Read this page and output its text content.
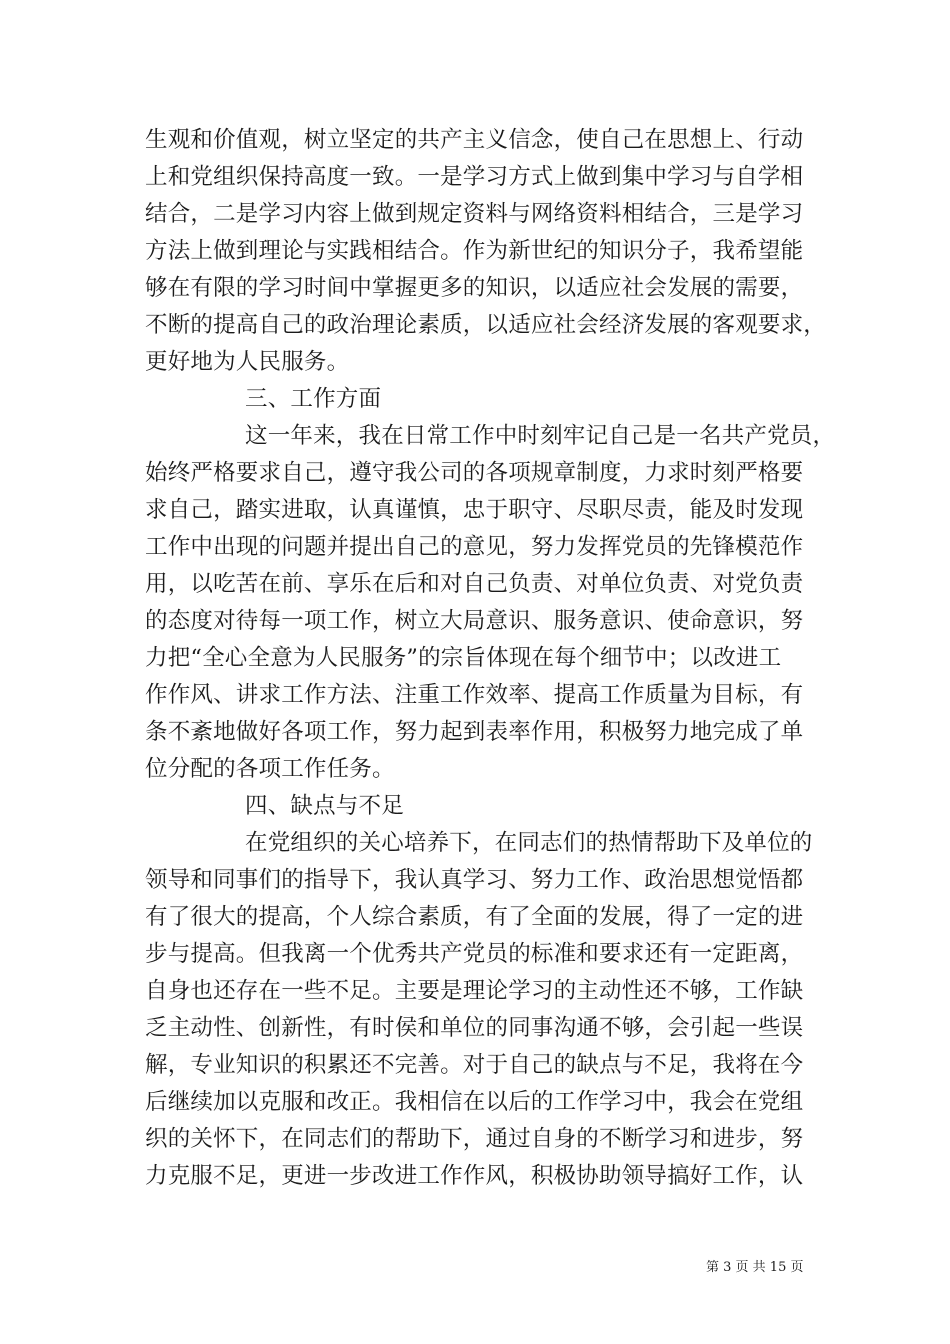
生观和价值观，树立坚定的共产主义信念，使自己在思想上、行动
上和党组织保持高度一致。一是学习方式上做到集中学习与自学相
结合，二是学习内容上做到规定资料与网络资料相结合，三是学习
方法上做到理论与实践相结合。作为新世纪的知识分子，我希望能
够在有限的学习时间中掌握更多的知识，以适应社会发展的需要，
不断的提高自己的政治理论素质，以适应社会经济发展的客观要求，
更好地为人民服务。
三、工作方面
这一年来，我在日常工作中时刻牢记自己是一名共产党员，
始终严格要求自己，遵守我公司的各项规章制度，力求时刻严格要
求自己，踏实进取，认真谨慎，忠于职守、尽职尽责，能及时发现
工作中出现的问题并提出自己的意见，努力发挥党员的先锋模范作
用，以吃苦在前、享乐在后和对自己负责、对单位负责、对党负责
的态度对待每一项工作，树立大局意识、服务意识、使命意识，努
力把“全心全意为人民服务”的宗旨体现在每个细节中；以改进工
作作风、讲求工作方法、注重工作效率、提高工作质量为目标，有
条不紊地做好各项工作，努力起到表率作用，积极努力地完成了单
位分配的各项工作任务。
四、缺点与不足
在党组织的关心培养下，在同志们的热情帮助下及单位的
领导和同事们的指导下，我认真学习、努力工作、政治思想觉悟都
有了很大的提高，个人综合素质，有了全面的发展，得了一定的进
步与提高。但我离一个优秀共产党员的标准和要求还有一定距离，
自身也还存在一些不足。主要是理论学习的主动性还不够，工作缺
乏主动性、创新性，有时侯和单位的同事沟通不够，会引起一些误
解，专业知识的积累还不完善。对于自己的缺点与不足，我将在今
后继续加以克服和改正。我相信在以后的工作学习中，我会在党组
织的关怀下，在同志们的帮助下，通过自身的不断学习和进步，努
力克服不足，更进一步改进工作作风，积极协助领导搞好工作，认
第 3 页 共 15 页
